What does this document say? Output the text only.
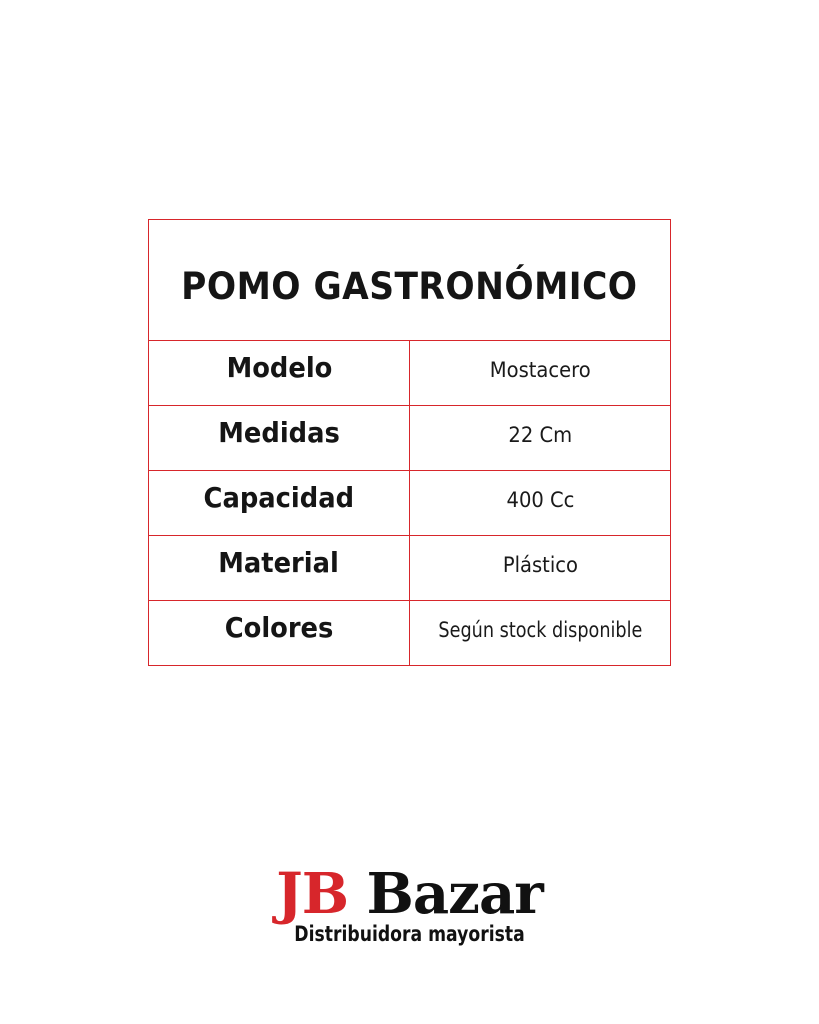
POMO GASTRONÓMICO	
Modelo	Mostacero
Medidas	22 Cm
Capacidad	400 Cc
Material	Plástico
Colores	Según stock disponible
JB Bazar
Distribuidora mayorista
